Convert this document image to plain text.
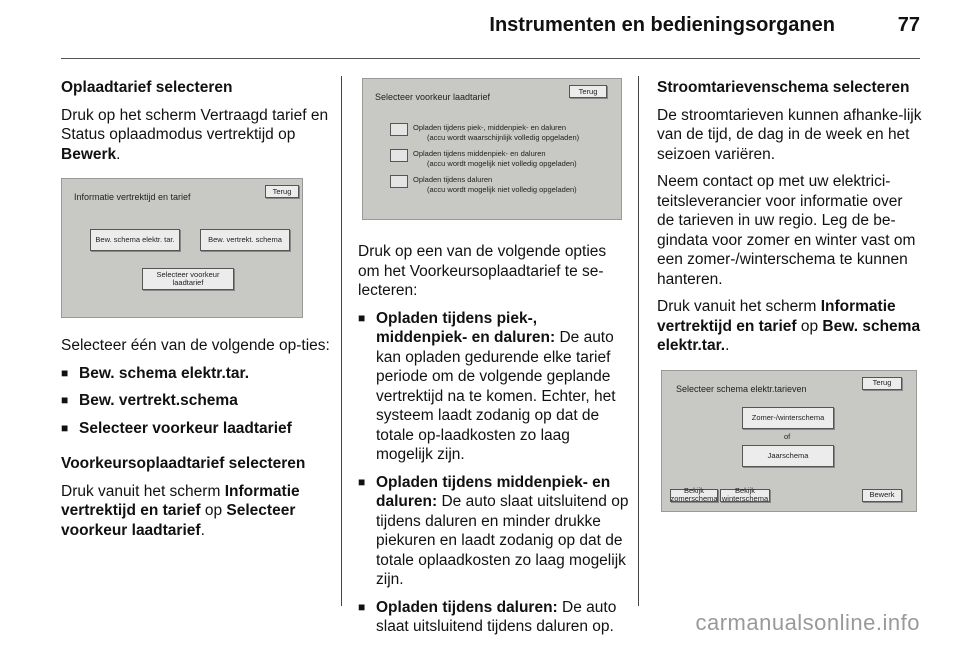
Instrumenten en bedieningsorganen	77

Oplaadtarief selecteren

Druk op het scherm Vertraagd tarief en Status oplaadmodus vertrektijd op Bewerk.

Informatie vertrektijd en tarief
Terug
Bew. schema elektr. tar.	Bew. vertrekt. schema
Selecteer voorkeur laadtarief

Selecteer één van de volgende op-ties:

■ Bew. schema elektr.tar.

■ Bew. vertrekt.schema

■ Selecteer voorkeur laadtarief

Voorkeursoplaadtarief selecteren

Druk vanuit het scherm Informatie vertrektijd en tarief op Selecteer voorkeur laadtarief.

Selecteer voorkeur laadtarief
Terug
Opladen tijdens piek-, middenpiek- en daluren
(accu wordt waarschijnlijk volledig opgeladen)
Opladen tijdens middenpiek- en daluren
(accu wordt mogelijk niet volledig opgeladen)
Opladen tijdens daluren
(accu wordt mogelijk niet volledig opgeladen)

Druk op een van de volgende opties om het Voorkeursoplaadtarief te se-lecteren:

■ Opladen tijdens piek-, middenpiek- en daluren: De auto kan opladen gedurende elke tarief periode om de volgende geplande vertrektijd na te komen. Echter, het systeem laadt zodanig op dat de totale op-laadkosten zo laag mogelijk zijn.

■ Opladen tijdens middenpiek- en daluren: De auto slaat uitsluitend op tijdens daluren en minder drukke piekuren en laadt zodanig op dat de totale oplaadkosten zo laag mogelijk zijn.

■ Opladen tijdens daluren: De auto slaat uitsluitend tijdens daluren op.

Stroomtarievenschema selecteren

De stroomtarieven kunnen afhanke-lijk van de tijd, de dag in de week en het seizoen variëren.

Neem contact op met uw elektrici-teitsleverancier voor informatie over de tarieven in uw regio. Leg de be-gindata voor zomer en winter vast om een zomer-/winterschema te kunnen hanteren.

Druk vanuit het scherm Informatie vertrektijd en tarief op Bew. schema elektr.tar..

Selecteer schema elektr.tarieven
Terug
Zomer-/winterschema
of
Jaarschema
Bekijk zomerschema
Bekijk winterschema	Bewerk
carmanualsonline.info
